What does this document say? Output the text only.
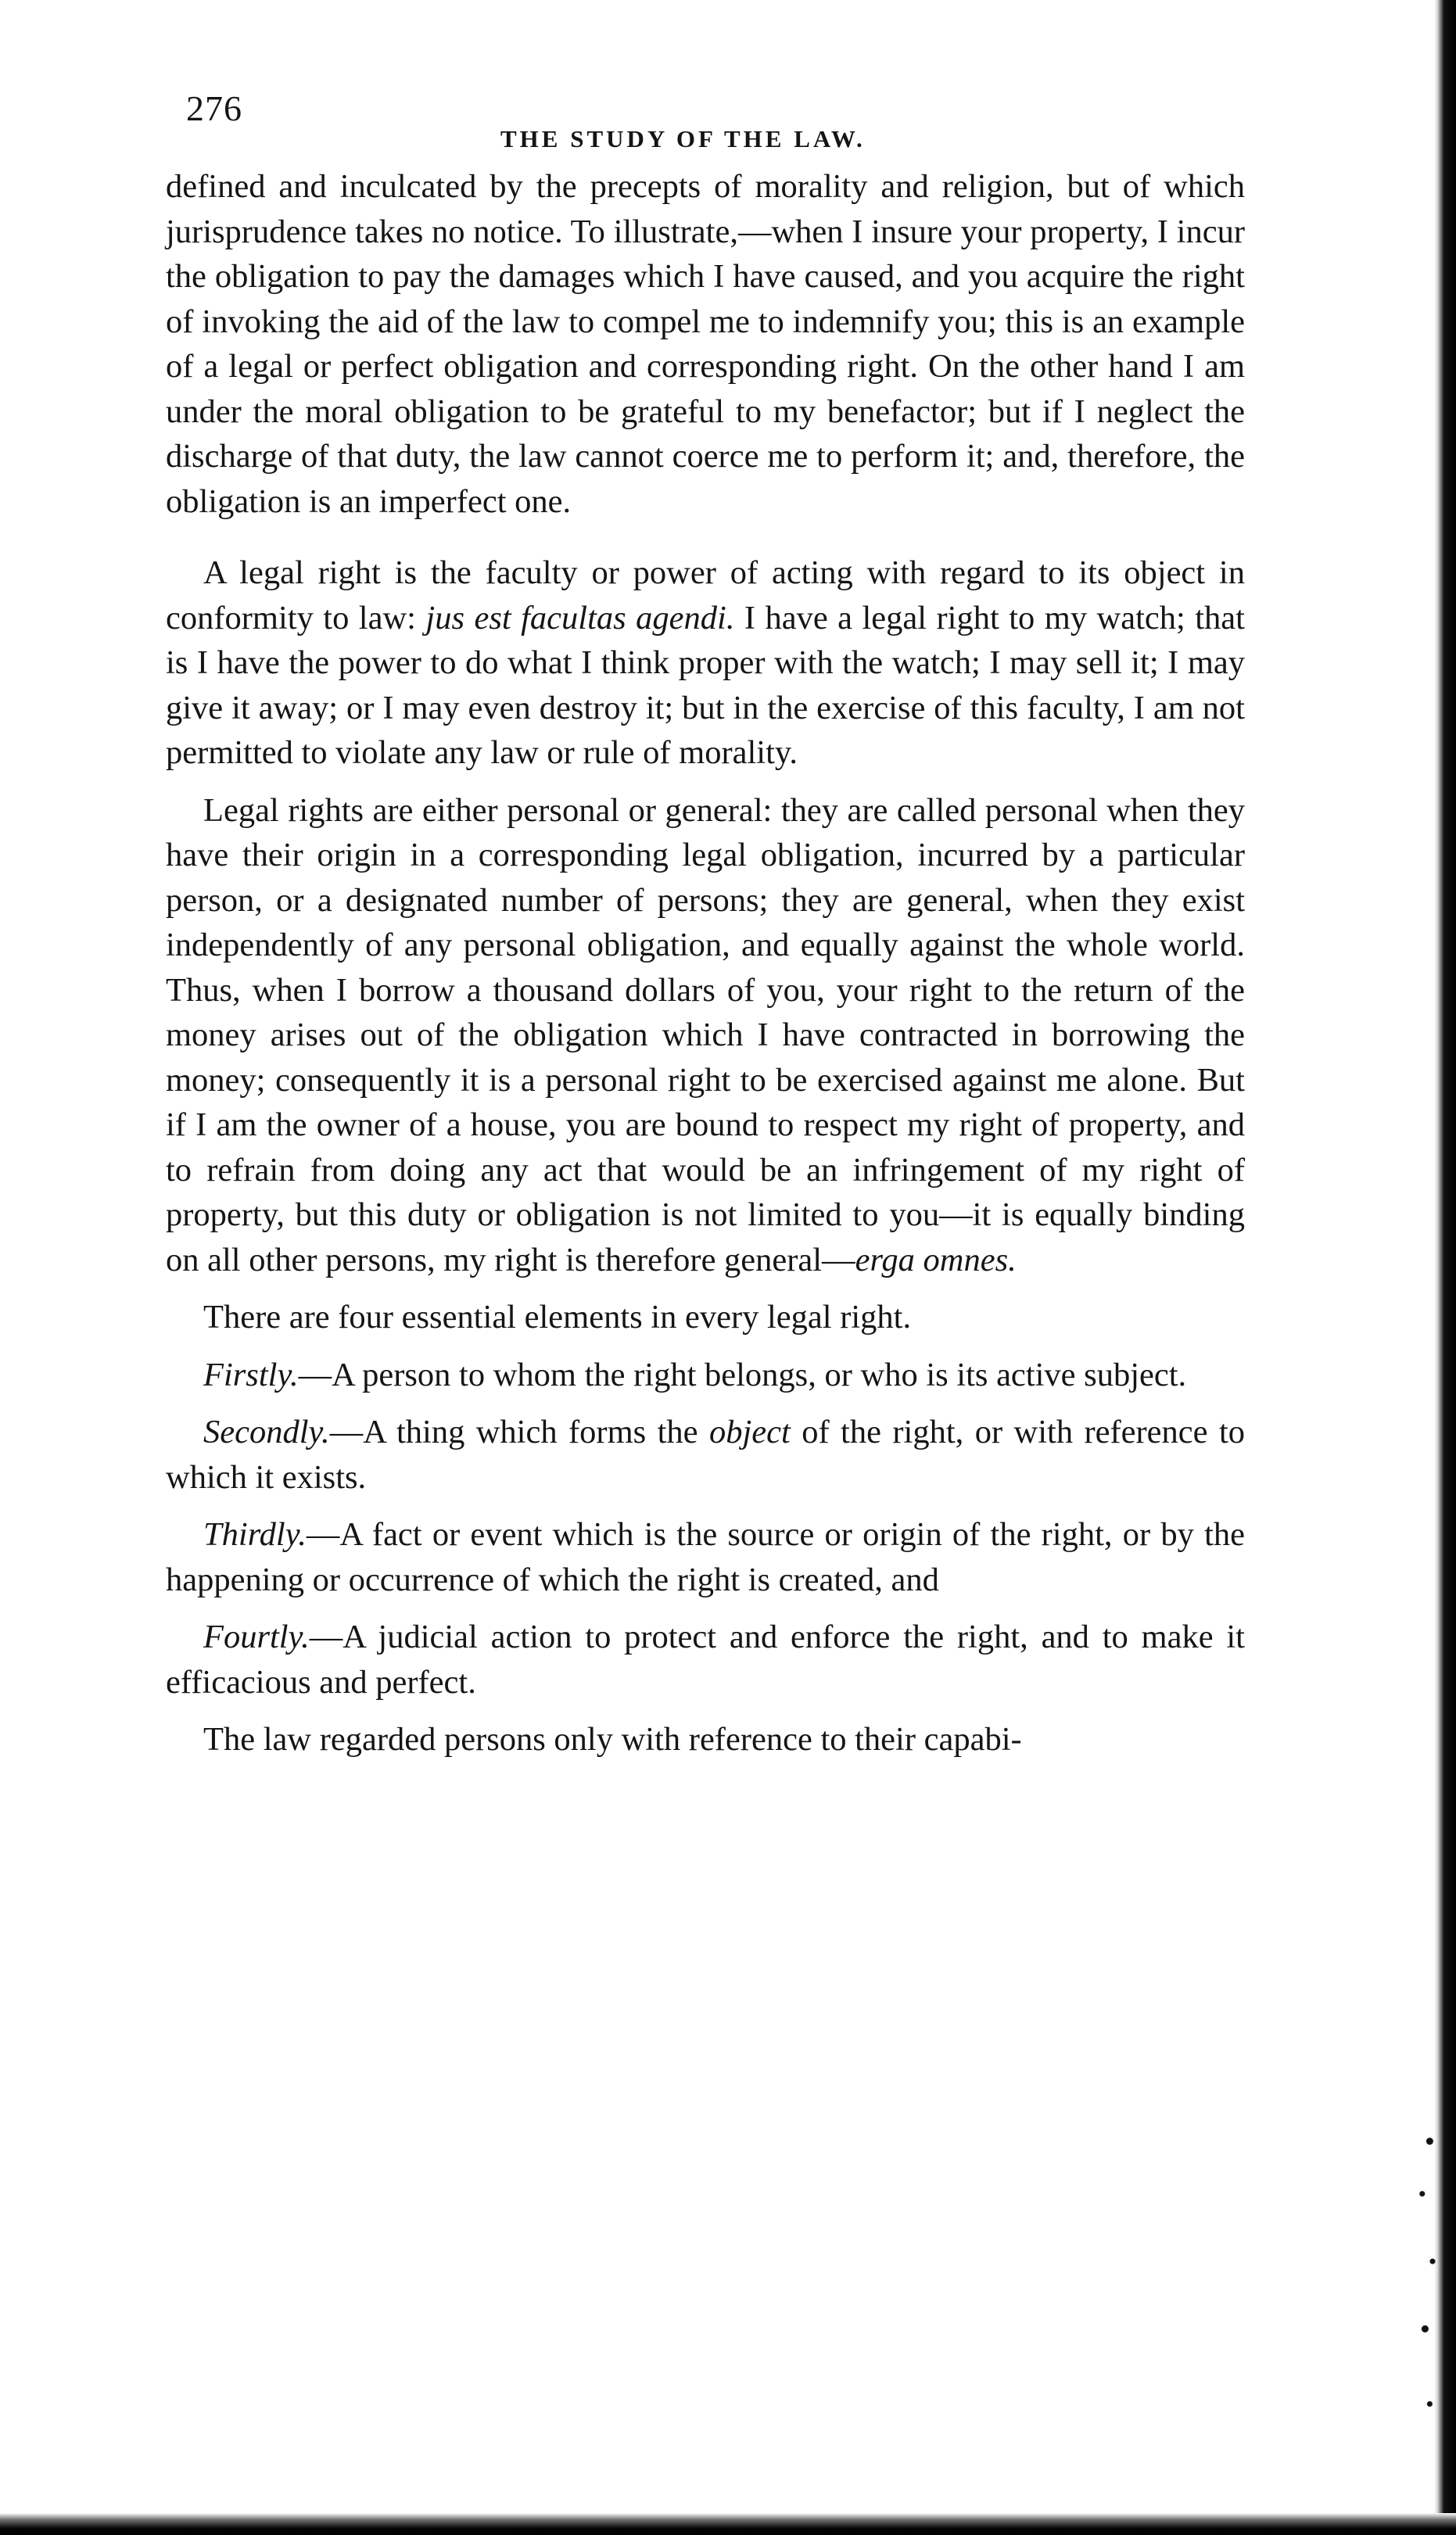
276
THE STUDY OF THE LAW.

defined and inculcated by the precepts of morality and religion, but of which jurisprudence takes no notice. To illustrate,—when I insure your property, I incur the obligation to pay the damages which I have caused, and you acquire the right of invoking the aid of the law to compel me to indemnify you; this is an example of a legal or perfect obligation and corresponding right. On the other hand I am under the moral obligation to be grateful to my benefactor; but if I neglect the discharge of that duty, the law cannot coerce me to perform it; and, therefore, the obligation is an imperfect one.

A legal right is the faculty or power of acting with regard to its object in conformity to law: jus est facultas agendi. I have a legal right to my watch; that is I have the power to do what I think proper with the watch; I may sell it; I may give it away; or I may even destroy it; but in the exercise of this faculty, I am not permitted to violate any law or rule of morality.

Legal rights are either personal or general: they are called personal when they have their origin in a corresponding legal obligation, incurred by a particular person, or a designated number of persons; they are general, when they exist independently of any personal obligation, and equally against the whole world. Thus, when I borrow a thousand dollars of you, your right to the return of the money arises out of the obligation which I have contracted in borrowing the money; consequently it is a personal right to be exercised against me alone. But if I am the owner of a house, you are bound to respect my right of property, and to refrain from doing any act that would be an infringement of my right of property, but this duty or obligation is not limited to you—it is equally binding on all other persons, my right is therefore general—erga omnes.

There are four essential elements in every legal right.

Firstly.—A person to whom the right belongs, or who is its active subject.

Secondly.—A thing which forms the object of the right, or with reference to which it exists.

Thirdly.—A fact or event which is the source or origin of the right, or by the happening or occurrence of which the right is created, and

Fourtly.—A judicial action to protect and enforce the right, and to make it efficacious and perfect.

The law regarded persons only with reference to their capabi-
